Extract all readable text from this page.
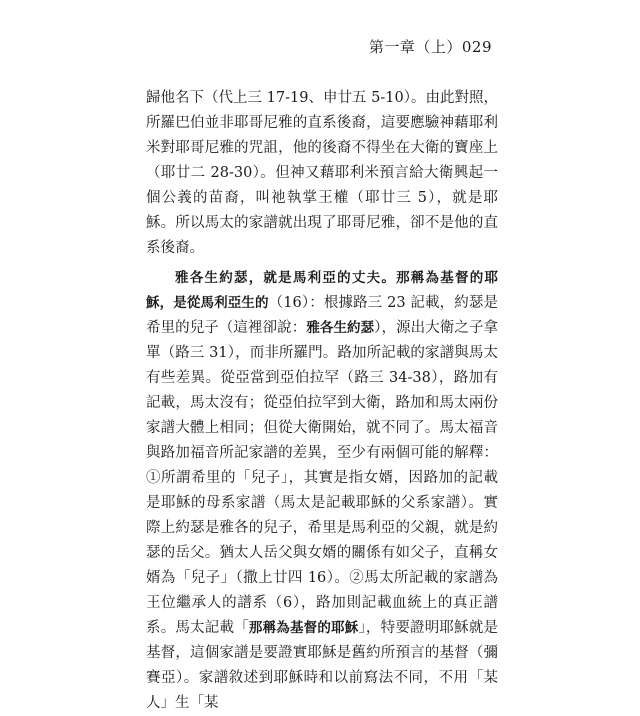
第一章（上）029

歸他名下（代上三 17-19、申廿五 5-10）。由此對照，所羅巴伯並非耶哥尼雅的直系後裔，這要應驗神藉耶利米對耶哥尼雅的咒詛，他的後裔不得坐在大衛的寶座上（耶廿二 28-30）。但神又藉耶利米預言給大衛興起一個公義的苗裔，叫祂執掌王權（耶廿三 5），就是耶穌。所以馬太的家譜就出現了耶哥尼雅，卻不是他的直系後裔。

雅各生約瑟，就是馬利亞的丈夫。那稱為基督的耶穌，是從馬利亞生的（16）：根據路三 23 記載，約瑟是希里的兒子（這裡卻說：雅各生約瑟），源出大衛之子拿單（路三 31），而非所羅門。路加所記載的家譜與馬太有些差異。從亞當到亞伯拉罕（路三 34-38），路加有記載，馬太沒有；從亞伯拉罕到大衛，路加和馬太兩份家譜大體上相同；但從大衛開始，就不同了。馬太福音與路加福音所記家譜的差異，至少有兩個可能的解釋：①所謂希里的「兒子」，其實是指女婿，因路加的記載是耶穌的母系家譜（馬太是記載耶穌的父系家譜）。實際上約瑟是雅各的兒子，希里是馬利亞的父親，就是約瑟的岳父。猶太人岳父與女婿的關係有如父子，直稱女婿為「兒子」（撒上廿四 16）。②馬太所記載的家譜為王位繼承人的譜系（6），路加則記載血統上的真正譜系。馬太記載「那稱為基督的耶穌」，特要證明耶穌就是基督，這個家譜是要證實耶穌是舊約所預言的基督（彌賽亞）。家譜敘述到耶穌時和以前寫法不同，不用「某人」生「某
